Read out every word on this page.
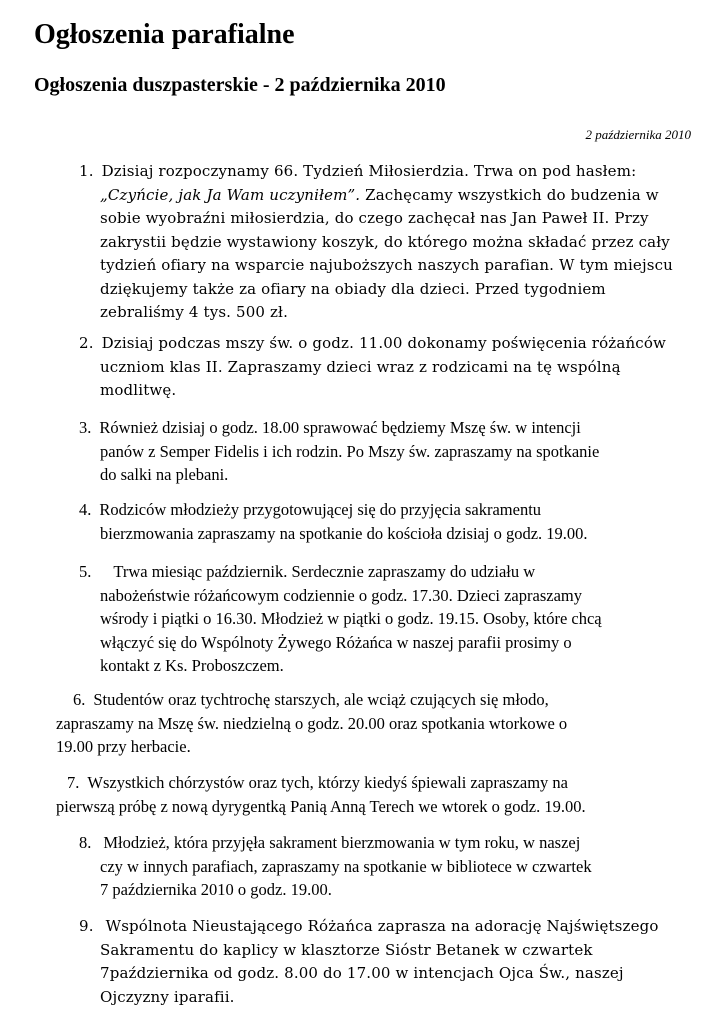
Ogłoszenia parafialne
Ogłoszenia duszpasterskie - 2 października 2010

2 października 2010

1. Dzisiaj rozpoczynamy 66. Tydzień Miłosierdzia. Trwa on pod hasłem:
„Czyńcie, jak Ja Wam uczyniłem”. Zachęcamy wszystkich do budzenia w
sobie wyobraźni miłosierdzia, do czego zachęcał nas Jan Paweł II. Przy
zakrystii będzie wystawiony koszyk, do którego można składać przez cały
tydzień ofiary na wsparcie najuboższych naszych parafian. W tym miejscu
dziękujemy także za ofiary na obiady dla dzieci. Przed tygodniem
zebraliśmy 4 tys. 500 zł.
2. Dzisiaj podczas mszy św. o godz. 11.00 dokonamy poświęcenia różańców
uczniom klas II. Zapraszamy dzieci wraz z rodzicami na tę wspólną
modlitwę.
3. Również dzisiaj o godz. 18.00 sprawować będziemy Mszę św. w intencji
panów z Semper Fidelis i ich rodzin. Po Mszy św. zapraszamy na spotkanie
do salki na plebani.
4. Rodziców młodzieży przygotowującej się do przyjęcia sakramentu
bierzmowania zapraszamy na spotkanie do kościoła dzisiaj o godz. 19.00.
5. Trwa miesiąc październik. Serdecznie zapraszamy do udziału w
nabożeństwie różańcowym codziennie o godz. 17.30. Dzieci zapraszamy
wśrody i piątki o 16.30. Młodzież w piątki o godz. 19.15. Osoby, które chcą
włączyć się do Wspólnoty Żywego Różańca w naszej parafii prosimy o
kontakt z Ks. Proboszczem.
6. Studentów oraz tychtrochę starszych, ale wciąż czujących się młodo,
zapraszamy na Mszę św. niedzielną o godz. 20.00 oraz spotkania wtorkowe o
19.00 przy herbacie.
7. Wszystkich chórzystów oraz tych, którzy kiedyś śpiewali zapraszamy na
pierwszą próbę z nową dyrygentką Panią Anną Terech we wtorek o godz. 19.00.
8. Młodzież, która przyjęła sakrament bierzmowania w tym roku, w naszej
czy w innych parafiach, zapraszamy na spotkanie w bibliotece w czwartek
7 października 2010 o godz. 19.00.
9. Wspólnota Nieustającego Różańca zaprasza na adorację Najświętszego
Sakramentu do kaplicy w klasztorze Sióstr Betanek w czwartek
7października od godz. 8.00 do 17.00 w intencjach Ojca Św., naszej
Ojczyzny iparafii.
